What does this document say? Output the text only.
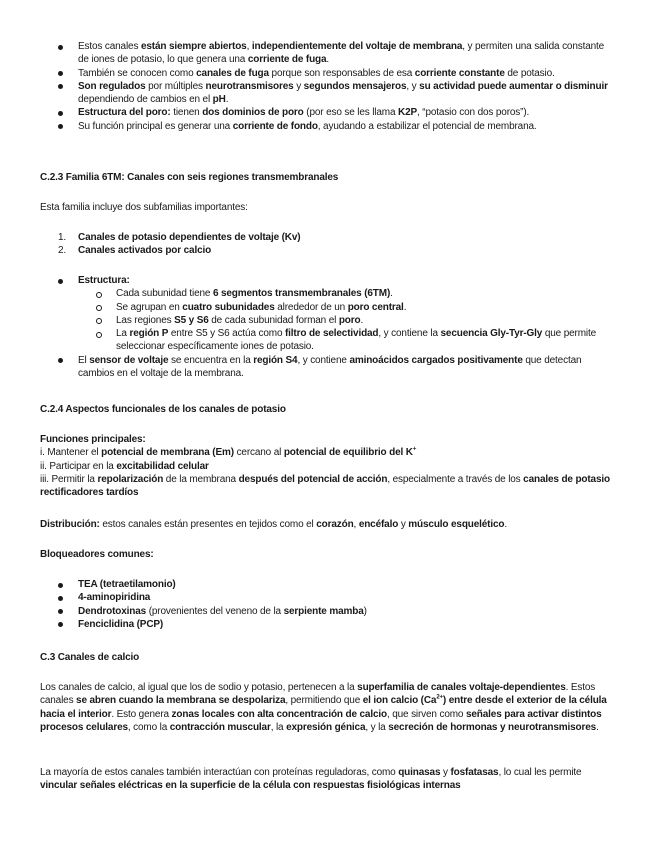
Estos canales están siempre abiertos, independientemente del voltaje de membrana, y permiten una salida constante de iones de potasio, lo que genera una corriente de fuga.
También se conocen como canales de fuga porque son responsables de esa corriente constante de potasio.
Son regulados por múltiples neurotransmisores y segundos mensajeros, y su actividad puede aumentar o disminuir dependiendo de cambios en el pH.
Estructura del poro: tienen dos dominios de poro (por eso se les llama K2P, “potasio con dos poros”).
Su función principal es generar una corriente de fondo, ayudando a estabilizar el potencial de membrana.
C.2.3 Familia 6TM: Canales con seis regiones transmembranales
Esta familia incluye dos subfamilias importantes:
1. Canales de potasio dependientes de voltaje (Kv)
2. Canales activados por calcio
Estructura:
Cada subunidad tiene 6 segmentos transmembranales (6TM).
Se agrupan en cuatro subunidades alrededor de un poro central.
Las regiones S5 y S6 de cada subunidad forman el poro.
La región P entre S5 y S6 actúa como filtro de selectividad, y contiene la secuencia Gly-Tyr-Gly que permite seleccionar específicamente iones de potasio.
El sensor de voltaje se encuentra en la región S4, y contiene aminoácidos cargados positivamente que detectan cambios en el voltaje de la membrana.
C.2.4 Aspectos funcionales de los canales de potasio
Funciones principales:
i. Mantener el potencial de membrana (Em) cercano al potencial de equilibrio del K+
ii. Participar en la excitabilidad celular
iii. Permitir la repolarización de la membrana después del potencial de acción, especialmente a través de los canales de potasio rectificadores tardíos
Distribución: estos canales están presentes en tejidos como el corazón, encéfalo y músculo esquelético.
Bloqueadores comunes:
TEA (tetraetilamonio)
4-aminopiridina
Dendrotoxinas (provenientes del veneno de la serpiente mamba)
Fenciclidina (PCP)
C.3 Canales de calcio
Los canales de calcio, al igual que los de sodio y potasio, pertenecen a la superfamilia de canales voltaje-dependientes. Estos canales se abren cuando la membrana se despolariza, permitiendo que el ion calcio $(Ca^{2+})$ entre desde el exterior de la célula hacia el interior. Esto genera zonas locales con alta concentración de calcio, que sirven como señales para activar distintos procesos celulares, como la contracción muscular, la expresión génica, y la secreción de hormonas y neurotransmisores.
La mayoría de estos canales también interactúan con proteínas reguladoras, como quinasas y fosfatasas, lo cual les permite vincular señales eléctricas en la superficie de la célula con respuestas fisiológicas internas
